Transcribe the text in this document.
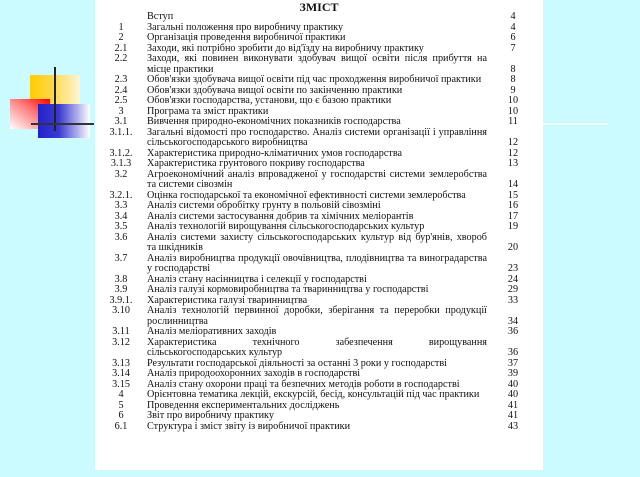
ЗМІСТ
Вступ	4
1	Загальні положення про виробничу практику	4
2	Організація проведення виробничої практики	6
2.1	Заходи, які потрібно зробити до від'їзду на виробничу практику	7
2.2	Заходи, які повинен виконувати здобувач вищої освіти після прибуття на місце практики	8
2.3	Обов'язки здобувача вищої освіти під час проходження виробничої практики	8
2.4	Обов'язки здобувача вищої освіти по закінченню практики	9
2.5	Обов'язки господарства, установи, що є базою практики	10
3	Програма та зміст практики	10
3.1	Вивчення природно-економічних показників господарства	11
3.1.1.	Загальні відомості про господарство. Аналіз системи організації і управління сільськогосподарського виробництва	12
3.1.2.	Характеристика природно-кліматичних умов господарства	12
3.1.3	Характеристика грунтового покриву господарства	13
3.2	Агроекономічний аналіз впровадженої у господарстві системи землеробства та системи сівозмін	14
3.2.1.	Оцінка господарської та економічної ефективності системи землеробства	15
3.3	Аналіз системи обробітку грунту в польовій сівозміні	16
3.4	Аналіз системи застосування добрив та хімічних меліорантів	17
3.5	Аналіз технологій вирощування сільськогосподарських культур	19
3.6	Аналіз системи захисту сільськогосподарських культур від бур'янів, хвороб та шкідників	20
3.7	Аналіз виробництва продукції овочівництва, плодівництва та виноградарства у господарстві	23
3.8	Аналіз стану насінництва і селекції у господарстві	24
3.9	Аналіз галузі кормовиробництва та тваринництва у господарстві	29
3.9.1.	Характеристика галузі тваринництва	33
3.10	Аналіз технологій первинної доробки, зберігання та переробки продукції рослинництва	34
3.11	Аналіз меліоративних заходів	36
3.12	Характеристика технічного забезпечення вирощування сільськогосподарських культур	36
3.13	Результати господарської діяльності за останні 3 роки у господарстві	37
3.14	Аналіз природоохоронних заходів в господарстві	39
3.15	Аналіз стану охорони праці та безпечних методів роботи в господарстві	40
4	Орієнтовна тематика лекцій, екскурсій, бесід, консультацій під час практики	40
5	Проведення експериментальних досліджень	41
6	Звіт про виробничу практику	41
6.1	Структура і зміст звіту із виробничої практики	43
